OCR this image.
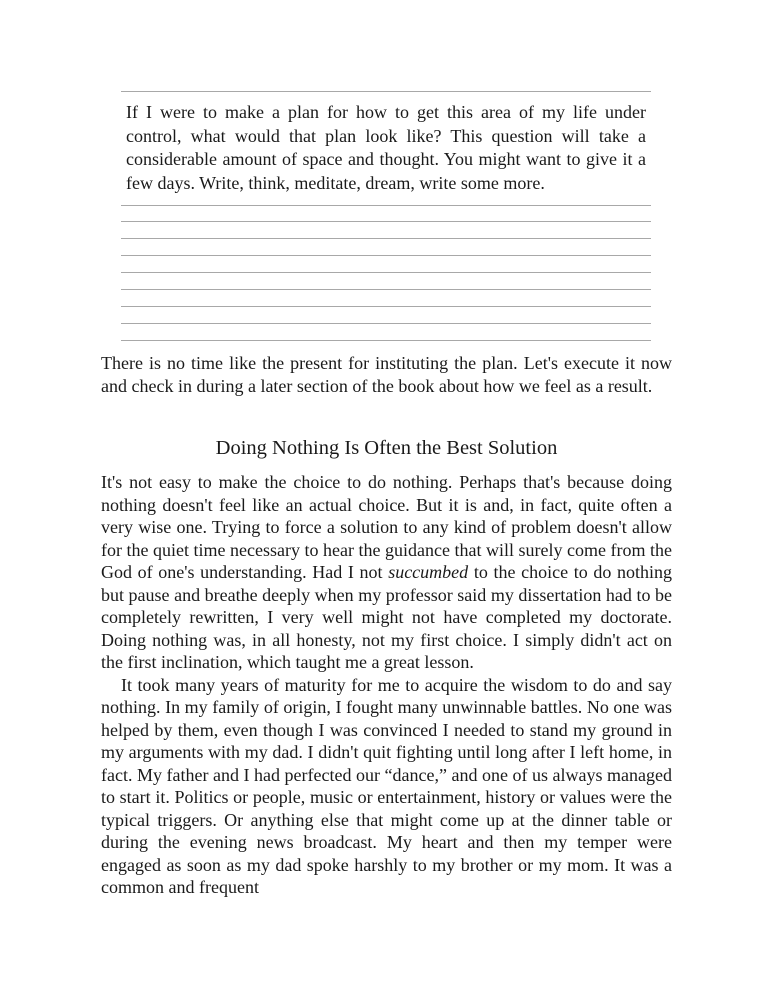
If I were to make a plan for how to get this area of my life under control, what would that plan look like? This question will take a considerable amount of space and thought. You might want to give it a few days. Write, think, meditate, dream, write some more.

There is no time like the present for instituting the plan. Let's execute it now and check in during a later section of the book about how we feel as a result.

Doing Nothing Is Often the Best Solution

It's not easy to make the choice to do nothing. Perhaps that's because doing nothing doesn't feel like an actual choice. But it is and, in fact, quite often a very wise one. Trying to force a solution to any kind of problem doesn't allow for the quiet time necessary to hear the guidance that will surely come from the God of one's understanding. Had I not succumbed to the choice to do nothing but pause and breathe deeply when my professor said my dissertation had to be completely rewritten, I very well might not have completed my doctorate. Doing nothing was, in all honesty, not my first choice. I simply didn't act on the first inclination, which taught me a great lesson.

It took many years of maturity for me to acquire the wisdom to do and say nothing. In my family of origin, I fought many unwinnable battles. No one was helped by them, even though I was convinced I needed to stand my ground in my arguments with my dad. I didn't quit fighting until long after I left home, in fact. My father and I had perfected our “dance,” and one of us always managed to start it. Politics or people, music or entertainment, history or values were the typical triggers. Or anything else that might come up at the dinner table or during the evening news broadcast. My heart and then my temper were engaged as soon as my dad spoke harshly to my brother or my mom. It was a common and frequent
